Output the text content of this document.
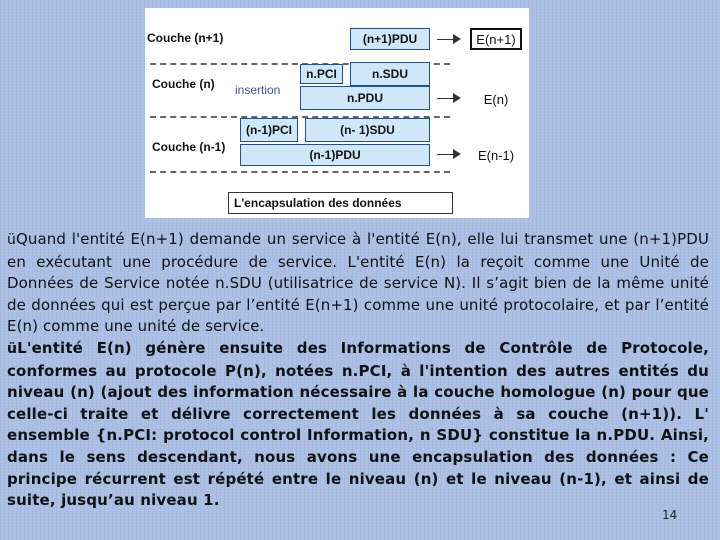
Couche (n+1)
Couche (n) insertion
Couche (n-1)
(n+1)PDU
n.PCI	n.SDU
n.PDU
(n-1)PCI	(n- 1)SDU
(n-1)PDU
E(n+1)
E(n)
E(n-1)
L'encapsulation des données

üQuand l'entité E(n+1) demande un service à l'entité E(n), elle lui transmet une (n+1)PDU en exécutant une procédure de service. L'entité E(n) la reçoit comme une Unité de Données de Service notée n.SDU (utilisatrice de service N). Il s’agit bien de la même unité de données qui est perçue par l’entité E(n+1) comme une unité protocolaire, et par l’entité E(n) comme une unité de service.

üL'entité E(n) génère ensuite des Informations de Contrôle de Protocole, conformes au protocole P(n), notées n.PCI, à l'intention des autres entités du niveau (n) (ajout des information nécessaire à la couche homologue (n) pour que celle-ci traite et délivre correctement les données à sa couche (n+1)). L' ensemble {n.PCI: protocol control Information, n SDU} constitue la n.PDU. Ainsi, dans le sens descendant, nous avons une encapsulation des données : Ce principe récurrent est répété entre le niveau (n) et le niveau (n-1), et ainsi de suite, jusqu’au niveau 1.

14
